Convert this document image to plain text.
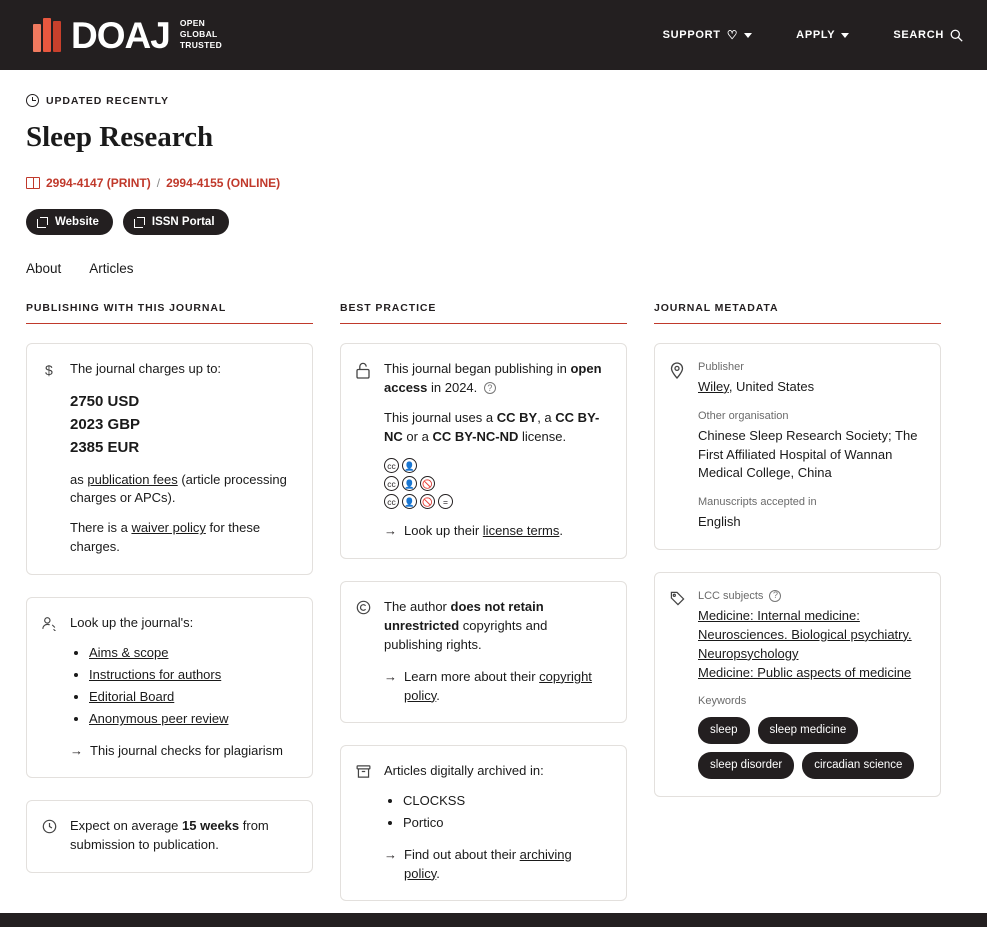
DOAJ OPEN
GLOBAL
TRUSTED
SUPPORT ♡	APPLY	SEARCH
UPDATED RECENTLY
Sleep Research
2994-4147 (PRINT) / 2994-4155 (ONLINE)
Website	ISSN Portal
About Articles
PUBLISHING WITH THIS JOURNAL
$ The journal charges up to:

2750 USD
2023 GBP
2385 EUR

as publication fees (article processing charges or APCs).

There is a waiver policy for these charges.

Look up the journal's:

• Aims & scope
• Instructions for authors
• Editorial Board
• Anonymous peer review
→ This journal checks for plagiarism

Expect on average 15 weeks from submission to publication.

BEST PRACTICE

This journal began publishing in open access in 2024. ?

This journal uses a CC BY, a CC BY-NC or a CC BY-NC-ND license.

cc 👤
cc 👤 🚫
cc 👤 🚫	=
→ Look up their license terms.

The author does not retain unrestricted copyrights and publishing rights.

→ Learn more about their copyright policy.

Articles digitally archived in:

• CLOCKSS
• Portico
→ Find out about their archiving policy.
JOURNAL METADATA
Publisher
Wiley, United States
Other organisation
Chinese Sleep Research Society; The First Affiliated Hospital of Wannan Medical College, China
Manuscripts accepted in
English
LCC subjects ?
Medicine: Internal medicine: Neurosciences. Biological psychiatry. Neuropsychology
Medicine: Public aspects of medicine
Keywords
sleep	sleep medicine
sleep disorder	circadian science
